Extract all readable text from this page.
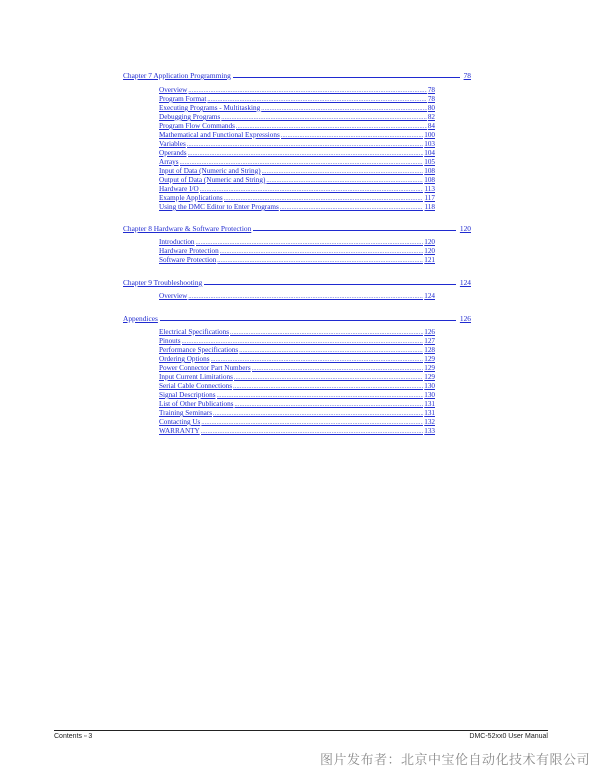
Chapter 7 Application Programming	78
Overview .....	78
Program Format .....	78
Executing Programs - Multitasking .....	80
Debugging Programs .....	82
Program Flow Commands .....	84
Mathematical and Functional Expressions .....	100
Variables .....	103
Operands .....	104
Arrays .....	105
Input of Data (Numeric and String) .....	108
Output of Data (Numeric and String) .....	108
Hardware I/O .....	113
Example Applications .....	117
Using the DMC Editor to Enter Programs .....	118
Chapter 8 Hardware & Software Protection	120
Introduction .....	120
Hardware Protection .....	120
Software Protection .....	121
Chapter 9 Troubleshooting	124
Overview .....	124
Appendices	126
Electrical Specifications .....	126
Pinouts .....	127
Performance Specifications .....	128
Ordering Options .....	129
Power Connector Part Numbers .....	129
Input Current Limitations .....	129
Serial Cable Connections .....	130
Signal Descriptions .....	130
List of Other Publications .....	131
Training Seminars .....	131
Contacting Us .....	132
WARRANTY .....	133
Contents ▫ 3	DMC-52xx0 User Manual
图片发布者：北京中宝伦自动化技术有限公司
